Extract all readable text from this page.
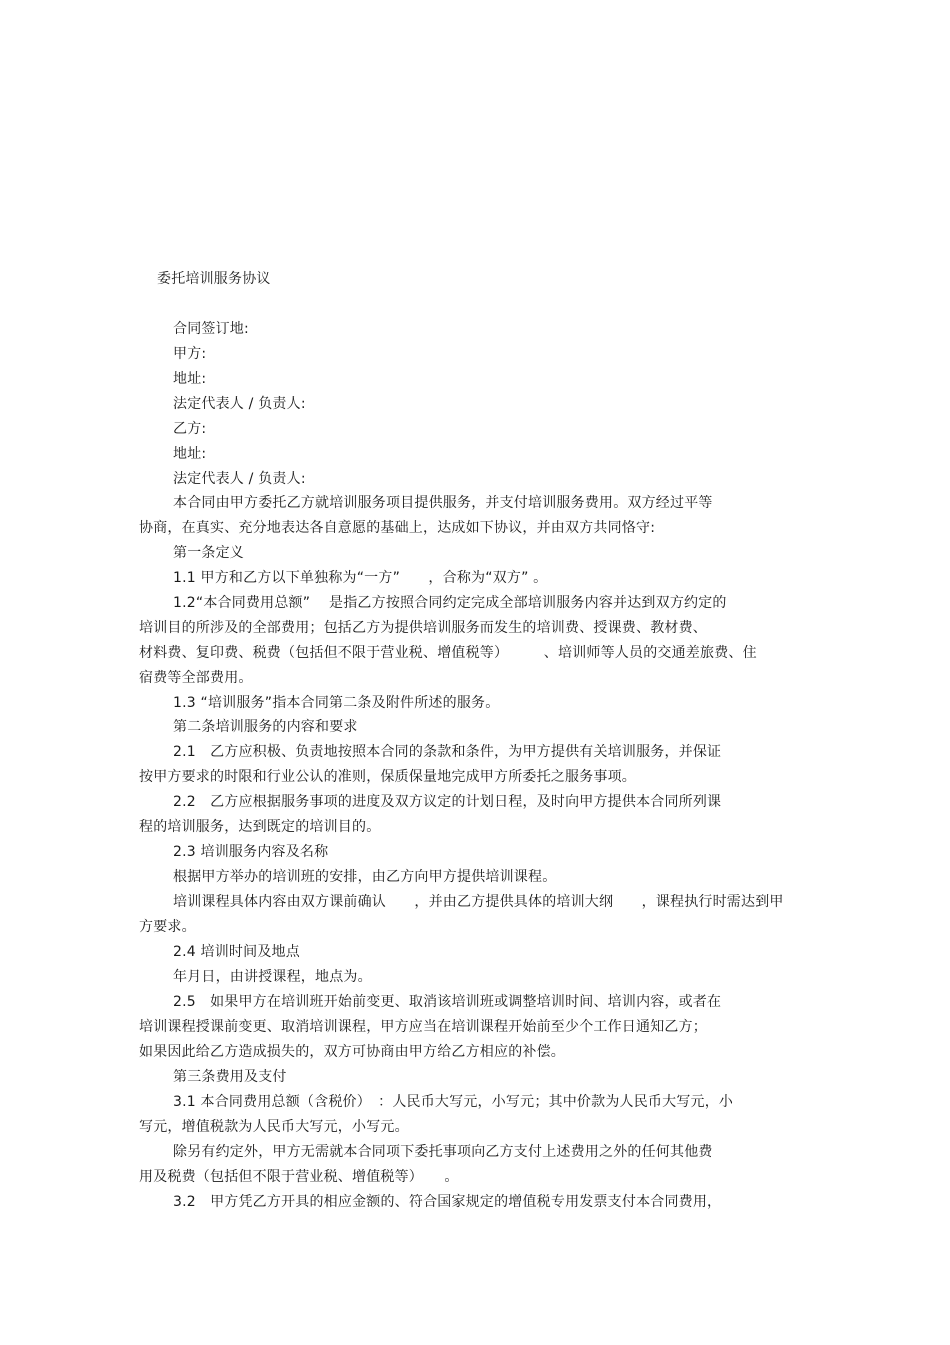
委托培训服务协议
合同签订地:
甲方:
地址:
法定代表人 / 负责人:
乙方:
地址:
法定代表人 / 负责人:
本合同由甲方委托乙方就培训服务项目提供服务，并支付培训服务费用。双方经过平等
协商，在真实、充分地表达各自意愿的基础上，达成如下协议，并由双方共同恪守:
第一条定义
1.1 甲方和乙方以下单独称为“一方”　　，合称为“双方” 。
1.2“本合同费用总额”　 是指乙方按照合同约定完成全部培训服务内容并达到双方约定的
培训目的所涉及的全部费用；包括乙方为提供培训服务而发生的培训费、授课费、教材费、
材料费、复印费、税费（包括但不限于营业税、增值税等）　　　、培训师等人员的交通差旅费、住
宿费等全部费用。
1.3 “培训服务”指本合同第二条及附件所述的服务。
第二条培训服务的内容和要求
2.1　乙方应积极、负责地按照本合同的条款和条件，为甲方提供有关培训服务，并保证
按甲方要求的时限和行业公认的准则，保质保量地完成甲方所委托之服务事项。
2.2　乙方应根据服务事项的进度及双方议定的计划日程，及时向甲方提供本合同所列课
程的培训服务，达到既定的培训目的。
2.3 培训服务内容及名称
根据甲方举办的培训班的安排，由乙方向甲方提供培训课程。
培训课程具体内容由双方课前确认　　，并由乙方提供具体的培训大纲　　，课程执行时需达到甲
方要求。
2.4 培训时间及地点
年月日，由讲授课程，地点为。
2.5　如果甲方在培训班开始前变更、取消该培训班或调整培训时间、培训内容，或者在
培训课程授课前变更、取消培训课程，甲方应当在培训课程开始前至少个工作日通知乙方；
如果因此给乙方造成损失的，双方可协商由甲方给乙方相应的补偿。
第三条费用及支付
3.1 本合同费用总额（含税价）　：人民币大写元，小写元；其中价款为人民币大写元，小
写元，增值税款为人民币大写元，小写元。
除另有约定外，甲方无需就本合同项下委托事项向乙方支付上述费用之外的任何其他费
用及税费（包括但不限于营业税、增值税等）　　。
3.2　甲方凭乙方开具的相应金额的、符合国家规定的增值税专用发票支付本合同费用，
